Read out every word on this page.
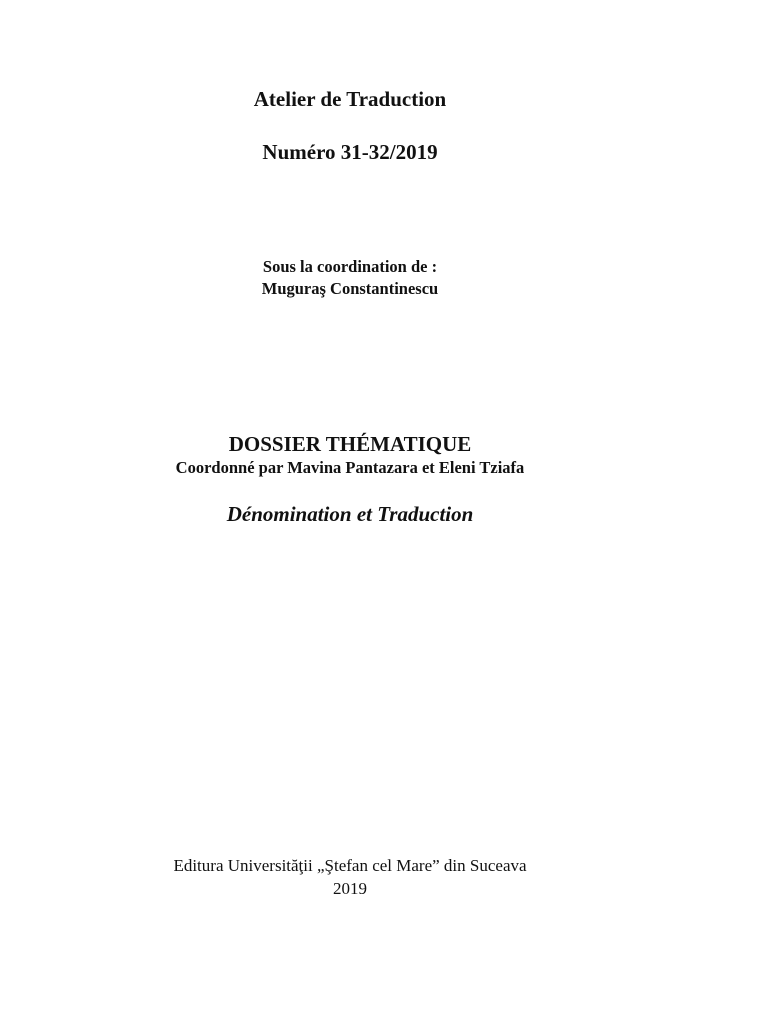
Atelier de Traduction
Numéro 31-32/2019
Sous la coordination de :
Muguraş Constantinescu
DOSSIER THÉMATIQUE
Coordonné par Mavina Pantazara et Eleni Tziafa
Dénomination et Traduction
Editura Universităţii „Ştefan cel Mare” din Suceava
2019
